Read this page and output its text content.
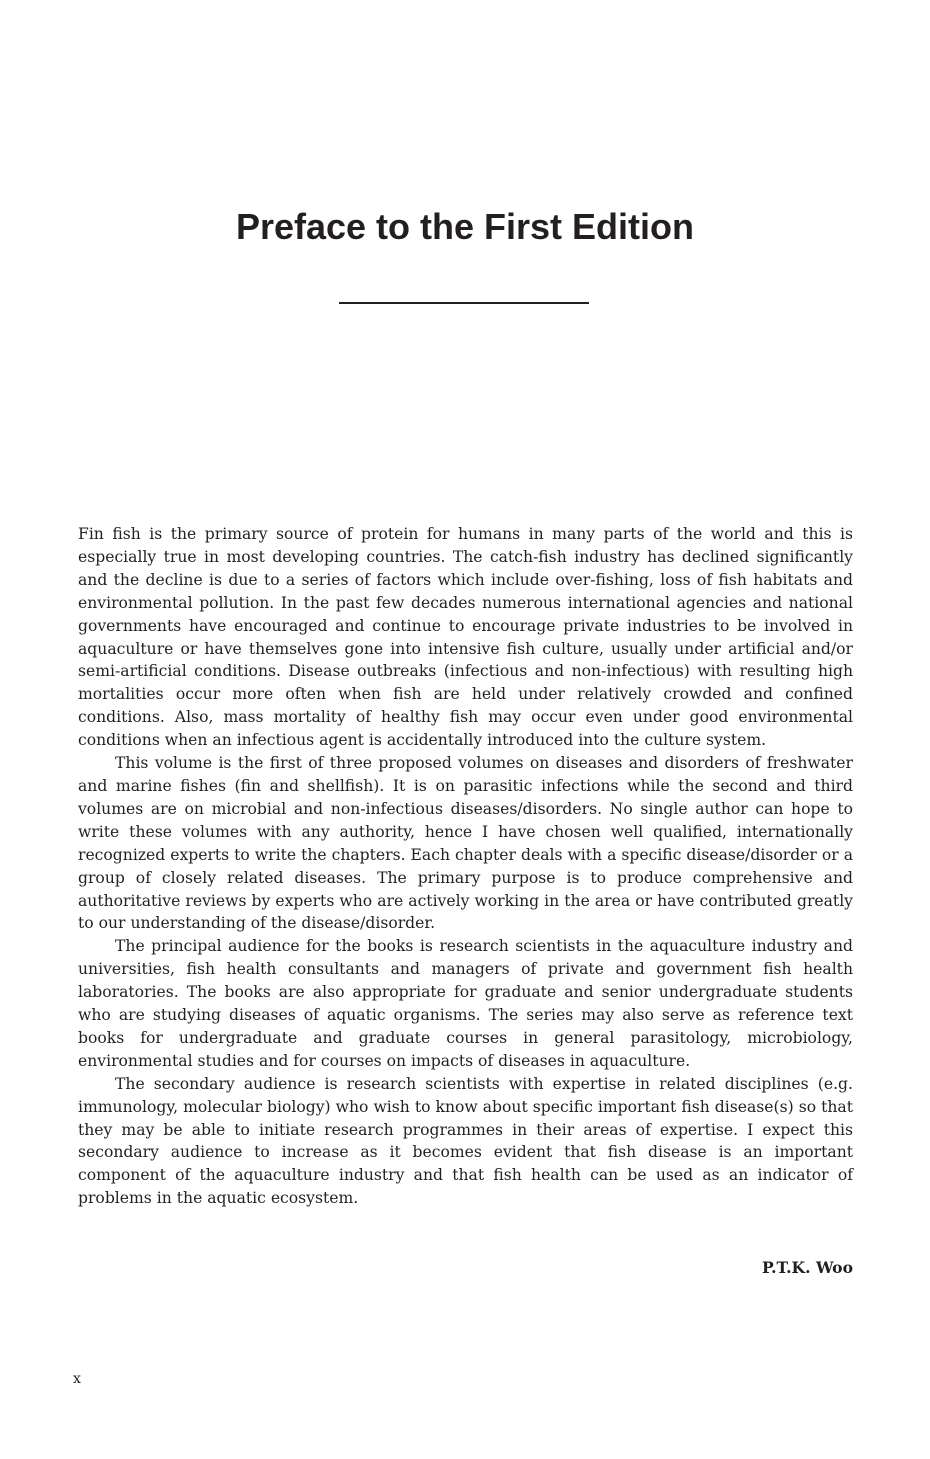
Preface to the First Edition

Fin fish is the primary source of protein for humans in many parts of the world and this is especially true in most developing countries. The catch-fish industry has declined significantly and the decline is due to a series of factors which include over-fishing, loss of fish habitats and environmental pollution. In the past few decades numerous international agencies and national governments have encouraged and continue to encourage private industries to be involved in aquaculture or have themselves gone into intensive fish culture, usually under artificial and/or semi-artificial conditions. Disease outbreaks (infectious and non-infectious) with resulting high mortalities occur more often when fish are held under relatively crowded and confined conditions. Also, mass mortality of healthy fish may occur even under good environmental conditions when an infectious agent is accidentally introduced into the culture system.

This volume is the first of three proposed volumes on diseases and disorders of freshwater and marine fishes (fin and shellfish). It is on parasitic infections while the second and third volumes are on microbial and non-infectious diseases/disorders. No single author can hope to write these volumes with any authority, hence I have chosen well qualified, internationally recognized experts to write the chapters. Each chapter deals with a specific disease/disorder or a group of closely related diseases. The primary purpose is to produce comprehensive and authoritative reviews by experts who are actively working in the area or have contributed greatly to our understanding of the disease/disorder.

The principal audience for the books is research scientists in the aquaculture industry and universities, fish health consultants and managers of private and government fish health laboratories. The books are also appropriate for graduate and senior undergraduate students who are studying diseases of aquatic organisms. The series may also serve as reference text books for undergraduate and graduate courses in general parasitology, microbiology, environmental studies and for courses on impacts of diseases in aquaculture.

The secondary audience is research scientists with expertise in related disciplines (e.g. immunology, molecular biology) who wish to know about specific important fish disease(s) so that they may be able to initiate research programmes in their areas of expertise. I expect this secondary audience to increase as it becomes evident that fish disease is an important component of the aquaculture industry and that fish health can be used as an indicator of problems in the aquatic ecosystem.

P.T.K. Woo
x
